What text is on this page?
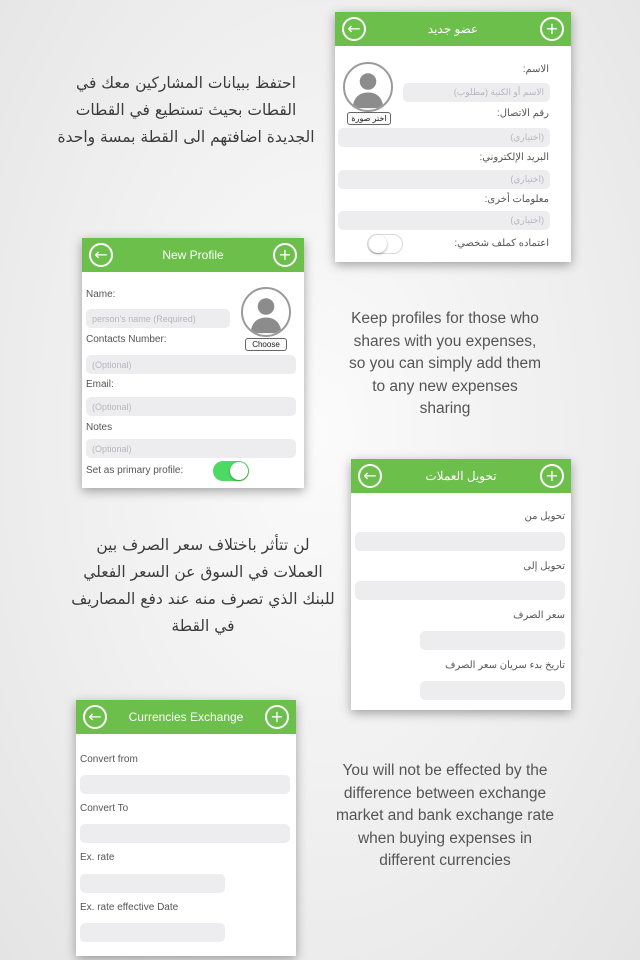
←	عضو جديد	+
اختر صورة
الاسم:
الاسم أو الكنية (مطلوب)
رقم الاتصال:
(اختياري)
البريد الإلكتروني:
(اختياري)
معلومات أخرى:
(اختياري)
اعتماده كملف شخصي:
احتفظ ببيانات المشاركين معك في القطات بحيث تستطيع في القطات الجديدة اضافتهم الى القطة بمسة واحدة
←	New Profile	+
Name:
person's name (Required)
Choose
Contacts Number:
(Optional)
Email:
(Optional)
Notes
(Optional)
Set as primary profile:
Keep profiles for those who shares with you expenses, so you can simply add them to any new expenses sharing
←	تحويل العملات	+
تحويل من
تحويل إلى
سعر الصرف
تاريخ بدء سريان سعر الصرف
لن تتأثر باختلاف سعر الصرف بين العملات في السوق عن السعر الفعلي للبنك الذي تصرف منه عند دفع المصاريف في القطة
←	Currencies Exchange	+
Convert from
Convert To
Ex. rate
Ex. rate effective Date
You will not be effected by the difference between exchange market and bank exchange rate when buying expenses in different currencies
